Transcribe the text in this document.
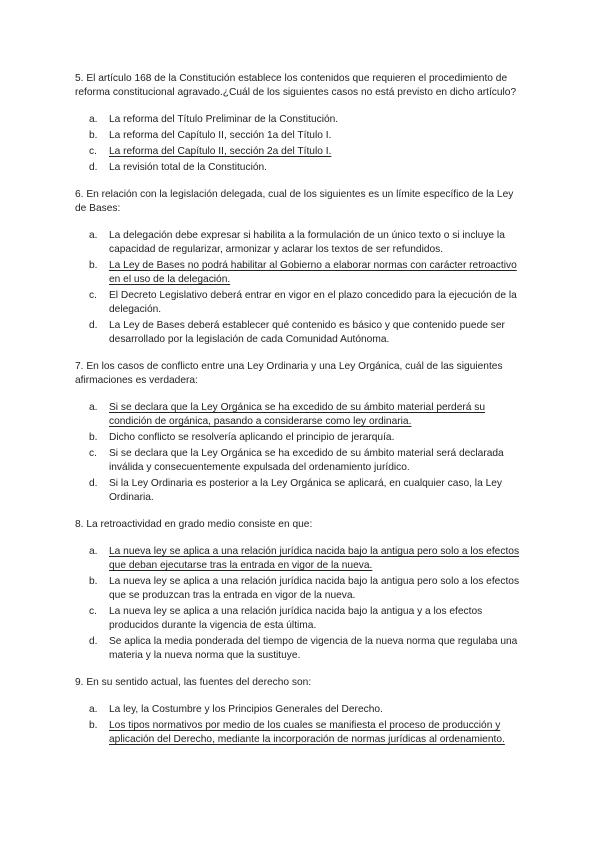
5. El artículo 168 de la Constitución establece los contenidos que requieren el procedimiento de reforma constitucional agravado.¿Cuál de los siguientes casos no está previsto en dicho artículo?

a.	La reforma del Título Preliminar de la Constitución.
b.	La reforma del Capítulo II, sección 1a del Título I.
c.	La reforma del Capítulo II, sección 2a del Título I.
d.	La revisión total de la Constitución.

6. En relación con la legislación delegada, cual de los siguientes es un límite específico de la Ley de Bases:

a.	La delegación debe expresar si habilita a la formulación de un único texto o si incluye la capacidad de regularizar, armonizar y aclarar los textos de ser refundidos.
b.	La Ley de Bases no podrá habilitar al Gobierno a elaborar normas con carácter retroactivo en el uso de la delegación.
c.	El Decreto Legislativo deberá entrar en vigor en el plazo concedido para la ejecución de la delegación.
d.	La Ley de Bases deberá establecer qué contenido es básico y que contenido puede ser desarrollado por la legislación de cada Comunidad Autónoma.

7. En los casos de conflicto entre una Ley Ordinaria y una Ley Orgánica, cuál de las siguientes afirmaciones es verdadera:

a.	Si se declara que la Ley Orgánica se ha excedido de su ámbito material perderá su condición de orgánica, pasando a considerarse como ley ordinaria.
b.	Dicho conflicto se resolvería aplicando el principio de jerarquía.
c.	Si se declara que la Ley Orgánica se ha excedido de su ámbito material será declarada inválida y consecuentemente expulsada del ordenamiento jurídico.
d.	Si la Ley Ordinaria es posterior a la Ley Orgánica se aplicará, en cualquier caso, la Ley Ordinaria.

8. La retroactividad en grado medio consiste en que:

a.	La nueva ley se aplica a una relación jurídica nacida bajo la antigua pero solo a los efectos que deban ejecutarse tras la entrada en vigor de la nueva.
b.	La nueva ley se aplica a una relación jurídica nacida bajo la antigua pero solo a los efectos que se produzcan tras la entrada en vigor de la nueva.
c.	La nueva ley se aplica a una relación jurídica nacida bajo la antigua y a los efectos producidos durante la vigencia de esta última.
d.	Se aplica la media ponderada del tiempo de vigencia de la nueva norma que regulaba una materia y la nueva norma que la sustituye.

9. En su sentido actual, las fuentes del derecho son:

a.	La ley, la Costumbre y los Principios Generales del Derecho.
b.	Los tipos normativos por medio de los cuales se manifiesta el proceso de producción y aplicación del Derecho, mediante la incorporación de normas jurídicas al ordenamiento.
